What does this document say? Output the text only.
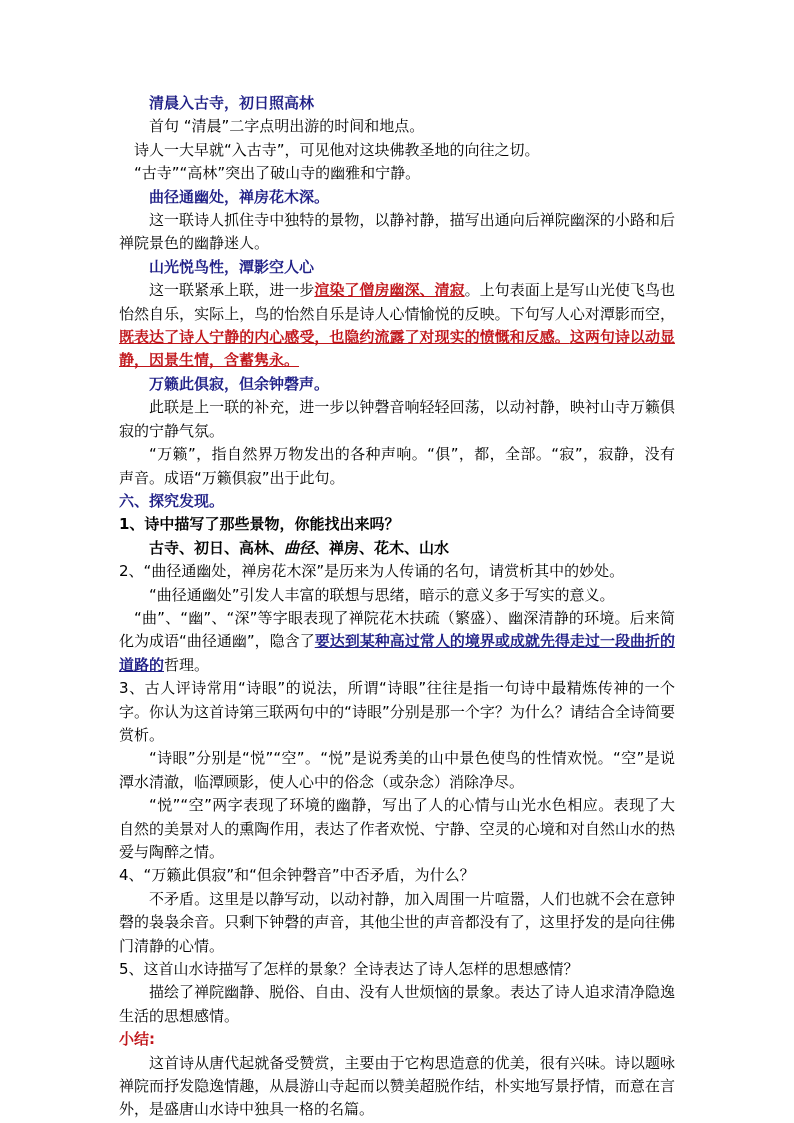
清晨入古寺，初日照高林

首句 “清晨”二字点明出游的时间和地点。

诗人一大早就“入古寺”，可见他对这块佛教圣地的向往之切。

“古寺”“高林”突出了破山寺的幽雅和宁静。

曲径通幽处，禅房花木深。

这一联诗人抓住寺中独特的景物，以静衬静，描写出通向后禅院幽深的小路和后禅院景色的幽静迷人。

山光悦鸟性，潭影空人心

这一联紧承上联，进一步渲染了僧房幽深、清寂。上句表面上是写山光使飞鸟也怡然自乐，实际上，鸟的怡然自乐是诗人心情愉悦的反映。下句写人心对潭影而空，既表达了诗人宁静的内心感受，也隐约流露了对现实的愤慨和反感。这两句诗以动显静，因景生情，含蓄隽永。

万籁此俱寂，但余钟磬声。

此联是上一联的补充，进一步以钟磬音响轻轻回荡，以动衬静，映衬山寺万籁俱寂的宁静气氛。

“万籁”，指自然界万物发出的各种声响。“俱”，都，全部。“寂”，寂静，没有声音。成语“万籁俱寂”出于此句。

六、探究发现。

1、诗中描写了那些景物，你能找出来吗？

古寺、初日、高林、曲径、禅房、花木、山水

2、“曲径通幽处，禅房花木深”是历来为人传诵的名句，请赏析其中的妙处。

“曲径通幽处”引发人丰富的联想与思绪，暗示的意义多于写实的意义。

“曲”、“幽”、“深”等字眼表现了禅院花木扶疏（繁盛）、幽深清静的环境。后来简化为成语“曲径通幽”，隐含了要达到某种高过常人的境界或成就先得走过一段曲折的道路的哲理。

3、古人评诗常用“诗眼”的说法，所谓“诗眼”往往是指一句诗中最精炼传神的一个字。你认为这首诗第三联两句中的“诗眼”分别是那一个字？为什么？请结合全诗简要赏析。

“诗眼”分别是“悦”“空”。“悦”是说秀美的山中景色使鸟的性情欢悦。“空”是说潭水清澈，临潭顾影，使人心中的俗念（或杂念）消除净尽。

“悦”“空”两字表现了环境的幽静，写出了人的心情与山光水色相应。表现了大自然的美景对人的熏陶作用，表达了作者欢悦、宁静、空灵的心境和对自然山水的热爱与陶醉之情。

4、“万籁此俱寂”和“但余钟磬音”中否矛盾，为什么？

不矛盾。这里是以静写动，以动衬静，加入周围一片喧嚣，人们也就不会在意钟磬的袅袅余音。只剩下钟磬的声音，其他尘世的声音都没有了，这里抒发的是向往佛门清静的心情。

5、这首山水诗描写了怎样的景象？全诗表达了诗人怎样的思想感情？

描绘了禅院幽静、脱俗、自由、没有人世烦恼的景象。表达了诗人追求清净隐逸生活的思想感情。

小结:

这首诗从唐代起就备受赞赏，主要由于它构思造意的优美，很有兴味。诗以题咏禅院而抒发隐逸情趣，从晨游山寺起而以赞美超脱作结，朴实地写景抒情，而意在言外，是盛唐山水诗中独具一格的名篇。
